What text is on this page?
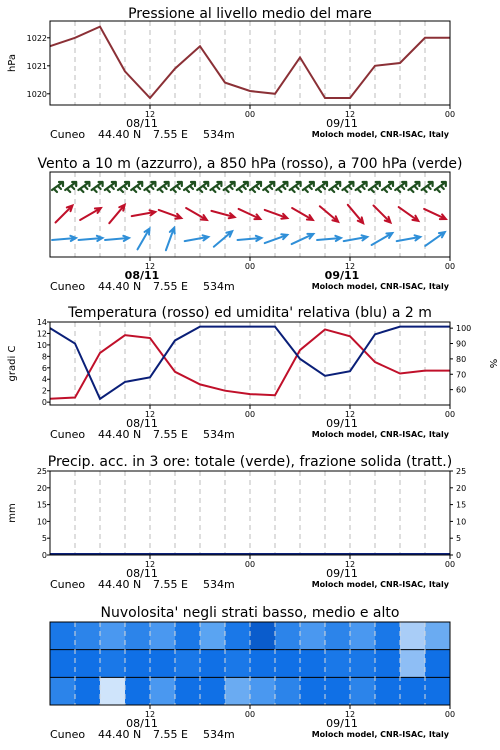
Pressione al livello medio del mare
12	00	12	00
08/11	09/11
Cuneo 44.40 N 7.55 E 534m	Moloch model, CNR-ISAC, Italy
1020
1021
1022
hPa
Vento a 10 m (azzurro), a 850 hPa (rosso), a 700 hPa (verde)
12	00	12	00
08/11	09/11
Cuneo 44.40 N 7.55 E 534m	Moloch model, CNR-ISAC, Italy
Temperatura (rosso) ed umidita' relativa (blu) a 2 m
12	00	12	00
08/11	09/11
Cuneo 44.40 N 7.55 E 534m	Moloch model, CNR-ISAC, Italy
0
2
4
6
8
10
12
14
60
70
80
90
100
gradi C	%
Precip. acc. in 3 ore: totale (verde), frazione solida (tratt.)
12	00	12	00
08/11	09/11
Cuneo 44.40 N 7.55 E 534m	Moloch model, CNR-ISAC, Italy
0
5
10
15
20
25
0
5
10
15
20
25
mm
Nuvolosita' negli strati basso, medio e alto
12	00	12	00
08/11	09/11
Cuneo 44.40 N 7.55 E 534m	Moloch model, CNR-ISAC, Italy
